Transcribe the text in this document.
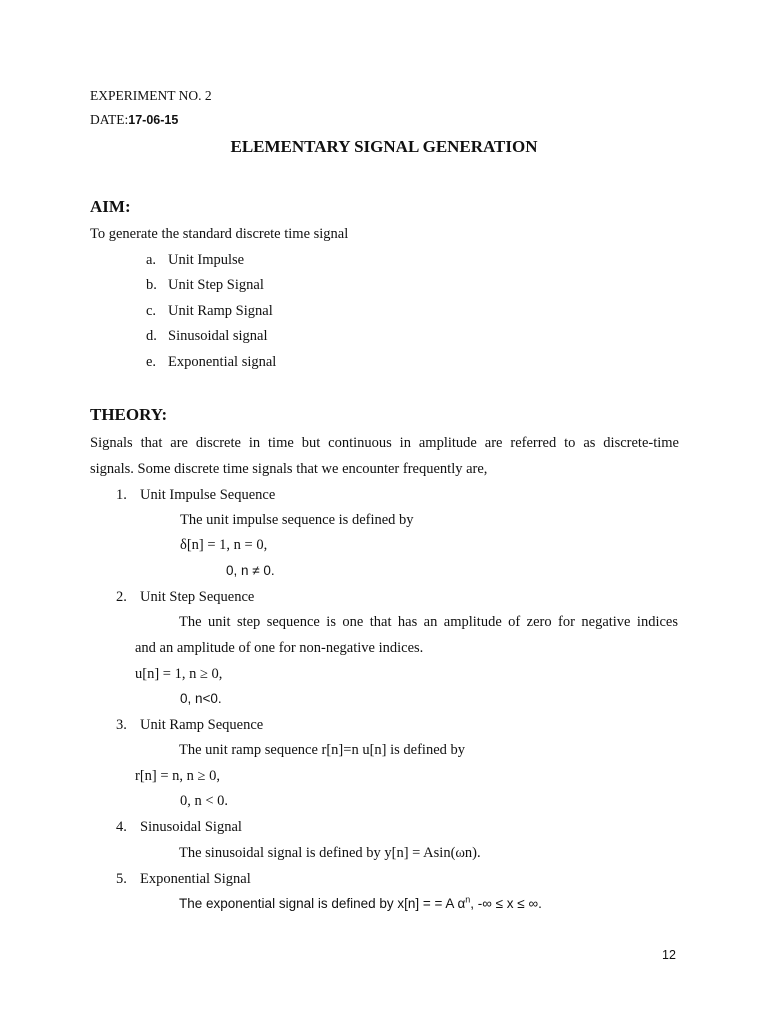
EXPERIMENT NO. 2
DATE:17-06-15
ELEMENTARY SIGNAL GENERATION
AIM:
To generate the standard discrete time signal
a. Unit Impulse
b. Unit Step Signal
c. Unit Ramp Signal
d. Sinusoidal signal
e. Exponential signal
THEORY:
Signals that are discrete in time but continuous in amplitude are referred to as discrete-time
signals. Some discrete time signals that we encounter frequently are,
1. Unit Impulse Sequence
The unit impulse sequence is defined by
δ[n] = 1, n = 0,
0, n ≠ 0.
2. Unit Step Sequence
The unit step sequence is one that has an amplitude of zero for negative indices
and an amplitude of one for non-negative indices.
u[n] = 1, n ≥ 0,
0, n<0.
3. Unit Ramp Sequence
The unit ramp sequence r[n]=n u[n] is defined by
r[n] = n, n ≥ 0,
0, n < 0.
4. Sinusoidal Signal
The sinusoidal signal is defined by y[n] = Asin(ωn).
5. Exponential Signal
The exponential signal is defined by x[n] = = A $\alpha^n$, -∞ ≤ x ≤ ∞.
12
